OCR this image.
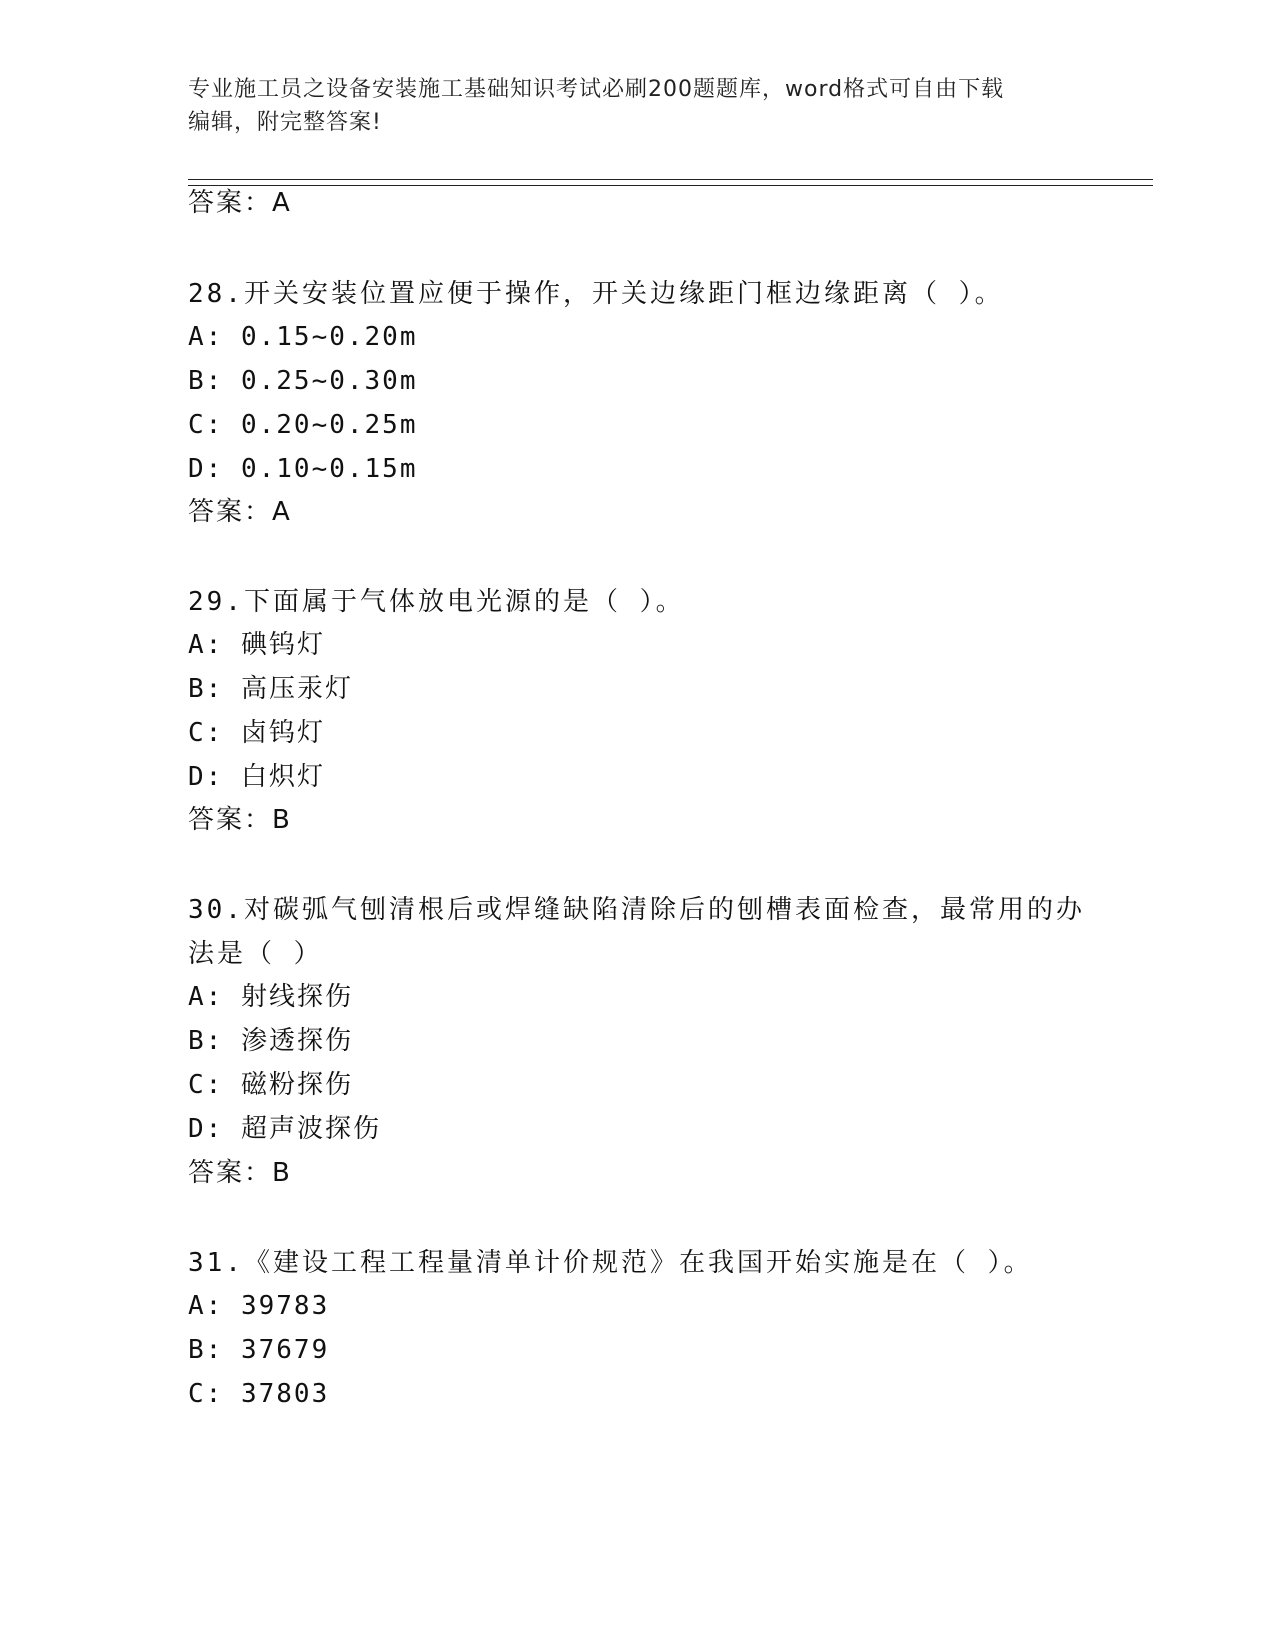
专业施工员之设备安装施工基础知识考试必刷200题题库，word格式可自由下载
编辑，附完整答案!
答案：A
28.开关安装位置应便于操作，开关边缘距门框边缘距离（ ）。
A: 0.15~0.20m
B: 0.25~0.30m
C: 0.20~0.25m
D: 0.10~0.15m
答案：A
29.下面属于气体放电光源的是（ ）。
A: 碘钨灯
B: 高压汞灯
C: 卤钨灯
D: 白炽灯
答案：B
30.对碳弧气刨清根后或焊缝缺陷清除后的刨槽表面检查，最常用的办
法是（ ）
A: 射线探伤
B: 渗透探伤
C: 磁粉探伤
D: 超声波探伤
答案：B
31.《建设工程工程量清单计价规范》在我国开始实施是在（ ）。
A: 39783
B: 37679
C: 37803
